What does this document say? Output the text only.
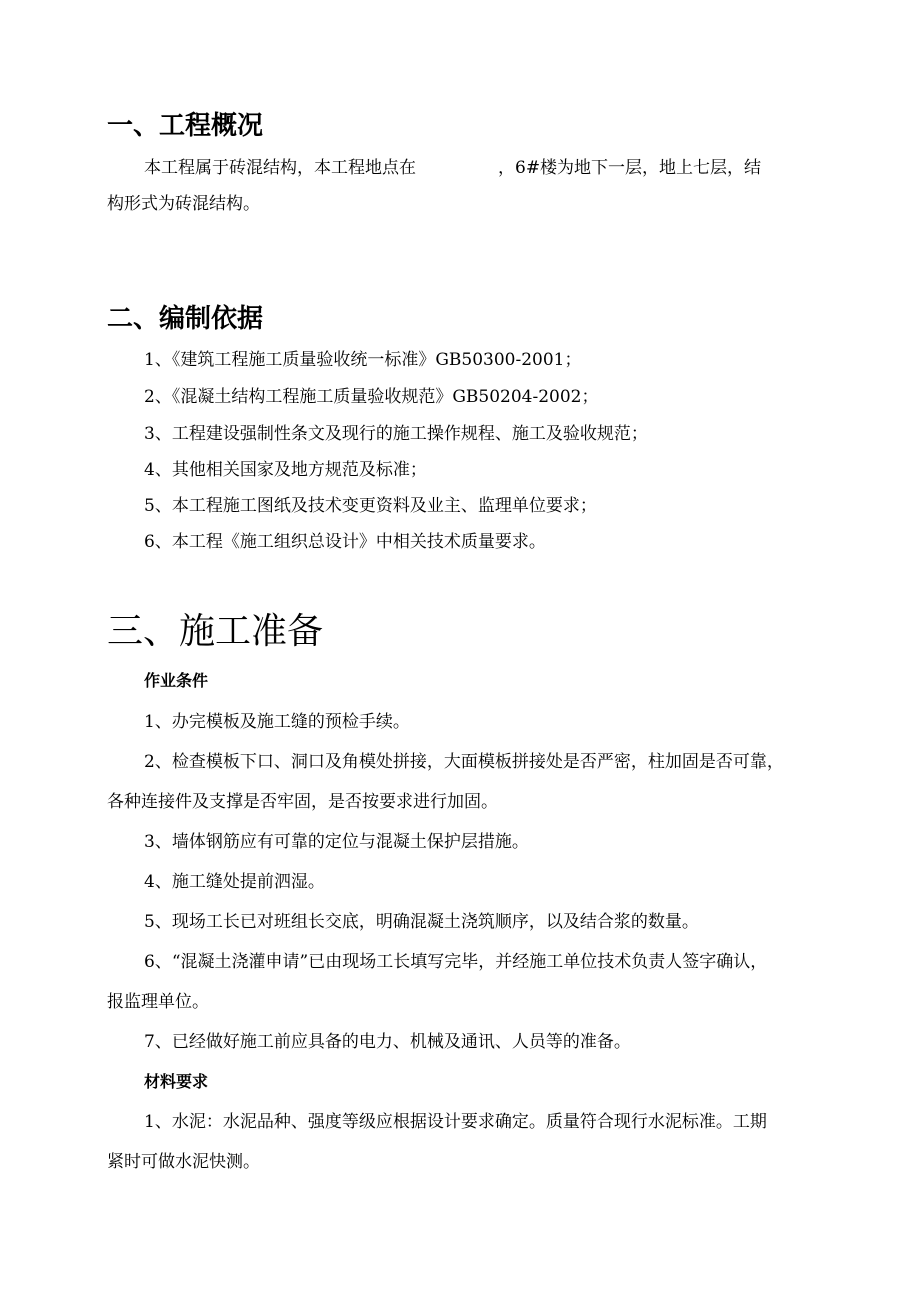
一、工程概况

本工程属于砖混结构，本工程地点在	，6#楼为地下一层，地上七层，结

构形式为砖混结构。

二、编制依据

1、《建筑工程施工质量验收统一标准》GB50300-2001；

2、《混凝土结构工程施工质量验收规范》GB50204-2002；

3、工程建设强制性条文及现行的施工操作规程、施工及验收规范；

4、其他相关国家及地方规范及标准；

5、本工程施工图纸及技术变更资料及业主、监理单位要求；

6、本工程《施工组织总设计》中相关技术质量要求。

三、施工准备

作业条件

1、办完模板及施工缝的预检手续。

2、检查模板下口、洞口及角模处拼接，大面模板拼接处是否严密，柱加固是否可靠，

各种连接件及支撑是否牢固，是否按要求进行加固。

3、墙体钢筋应有可靠的定位与混凝土保护层措施。

4、施工缝处提前泗湿。

5、现场工长已对班组长交底，明确混凝土浇筑顺序，以及结合浆的数量。

6、“混凝土浇灌申请”已由现场工长填写完毕，并经施工单位技术负责人签字确认，

报监理单位。

7、已经做好施工前应具备的电力、机械及通讯、人员等的准备。

材料要求

1、水泥：水泥品种、强度等级应根据设计要求确定。质量符合现行水泥标准。工期

紧时可做水泥快测。
